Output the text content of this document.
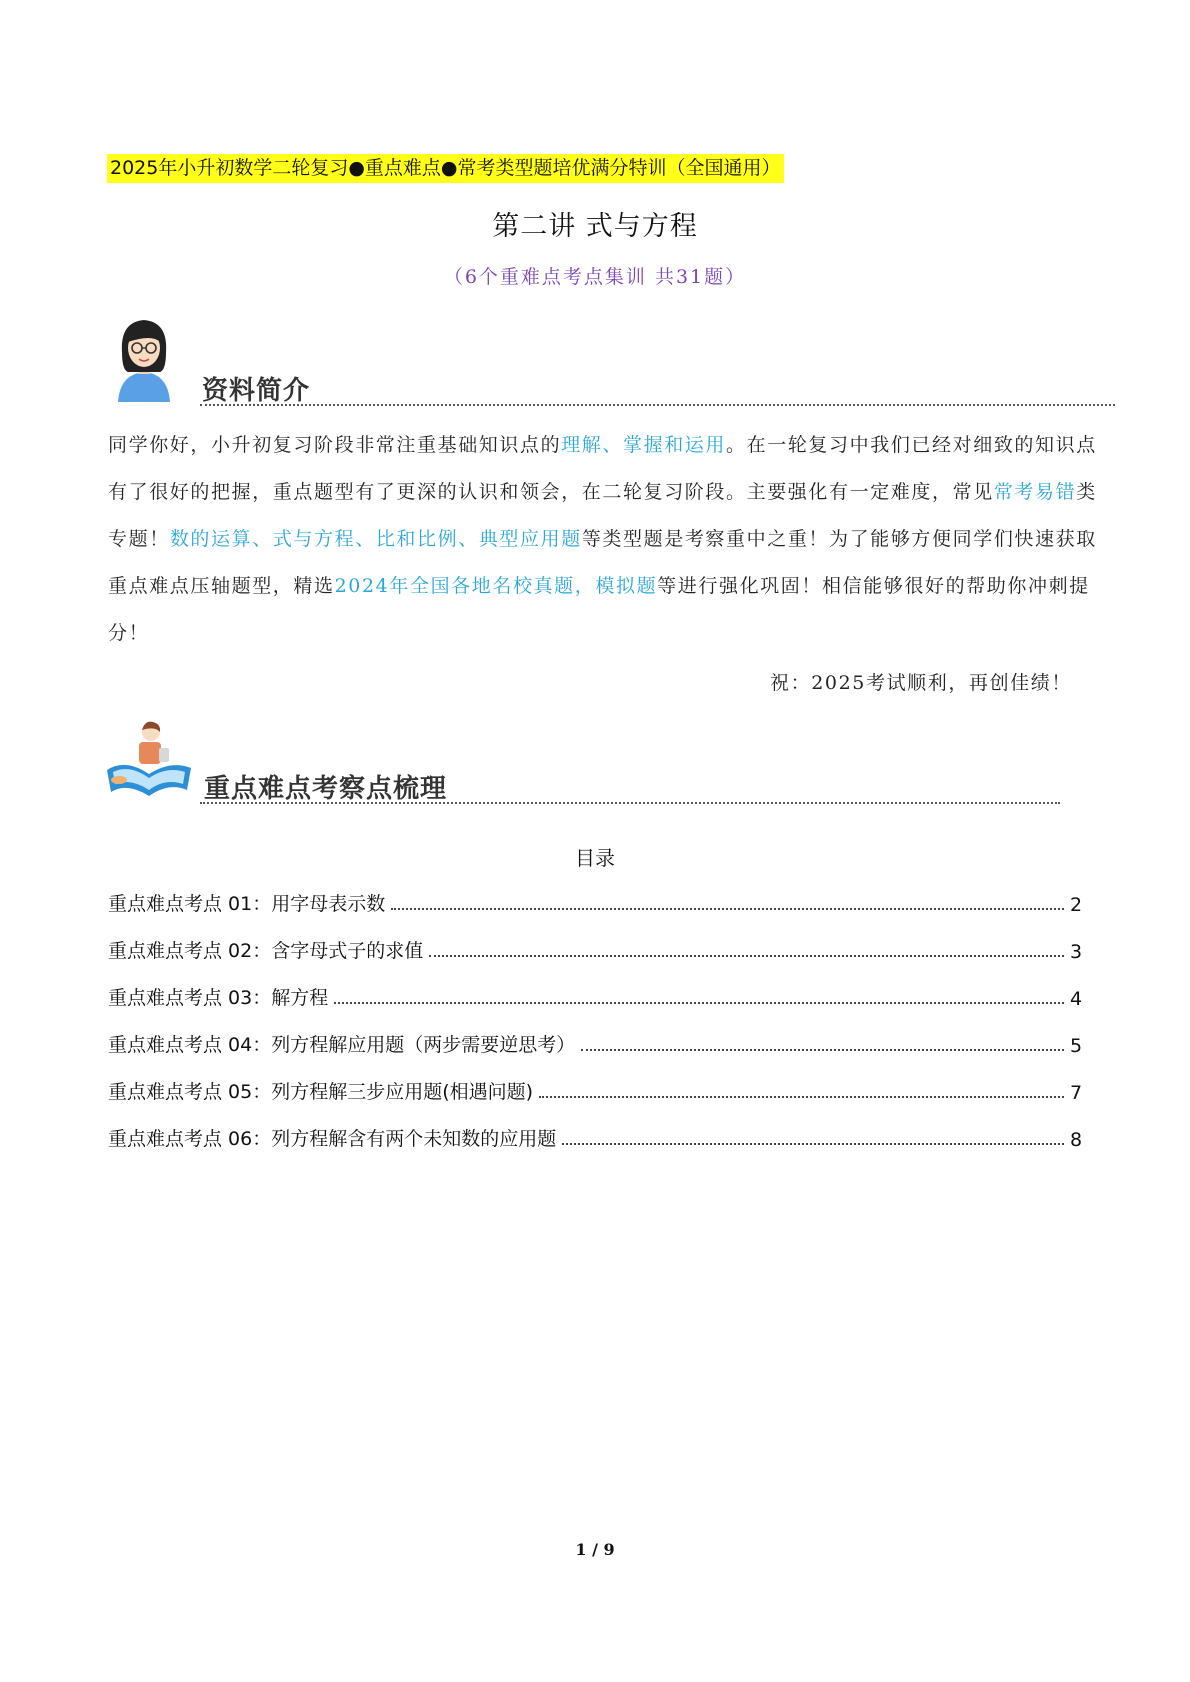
2025年小升初数学二轮复习●重点难点●常考类型题培优满分特训（全国通用）
第二讲 式与方程
（6个重难点考点集训 共31题）
资料简介
同学你好，小升初复习阶段非常注重基础知识点的理解、掌握和运用。在一轮复习中我们已经对细致的知识点有了很好的把握，重点题型有了更深的认识和领会，在二轮复习阶段。主要强化有一定难度，常见常考易错类专题！数的运算、式与方程、比和比例、典型应用题等类型题是考察重中之重！为了能够方便同学们快速获取重点难点压轴题型，精选2024年全国各地名校真题，模拟题等进行强化巩固！相信能够很好的帮助你冲刺提分！
祝：2025考试顺利，再创佳绩！
重点难点考察点梳理
目录
重点难点考点 01：用字母表示数	2
重点难点考点 02：含字母式子的求值	3
重点难点考点 03：解方程	4
重点难点考点 04：列方程解应用题（两步需要逆思考）	5
重点难点考点 05：列方程解三步应用题(相遇问题)	7
重点难点考点 06：列方程解含有两个未知数的应用题	8
1 / 9
